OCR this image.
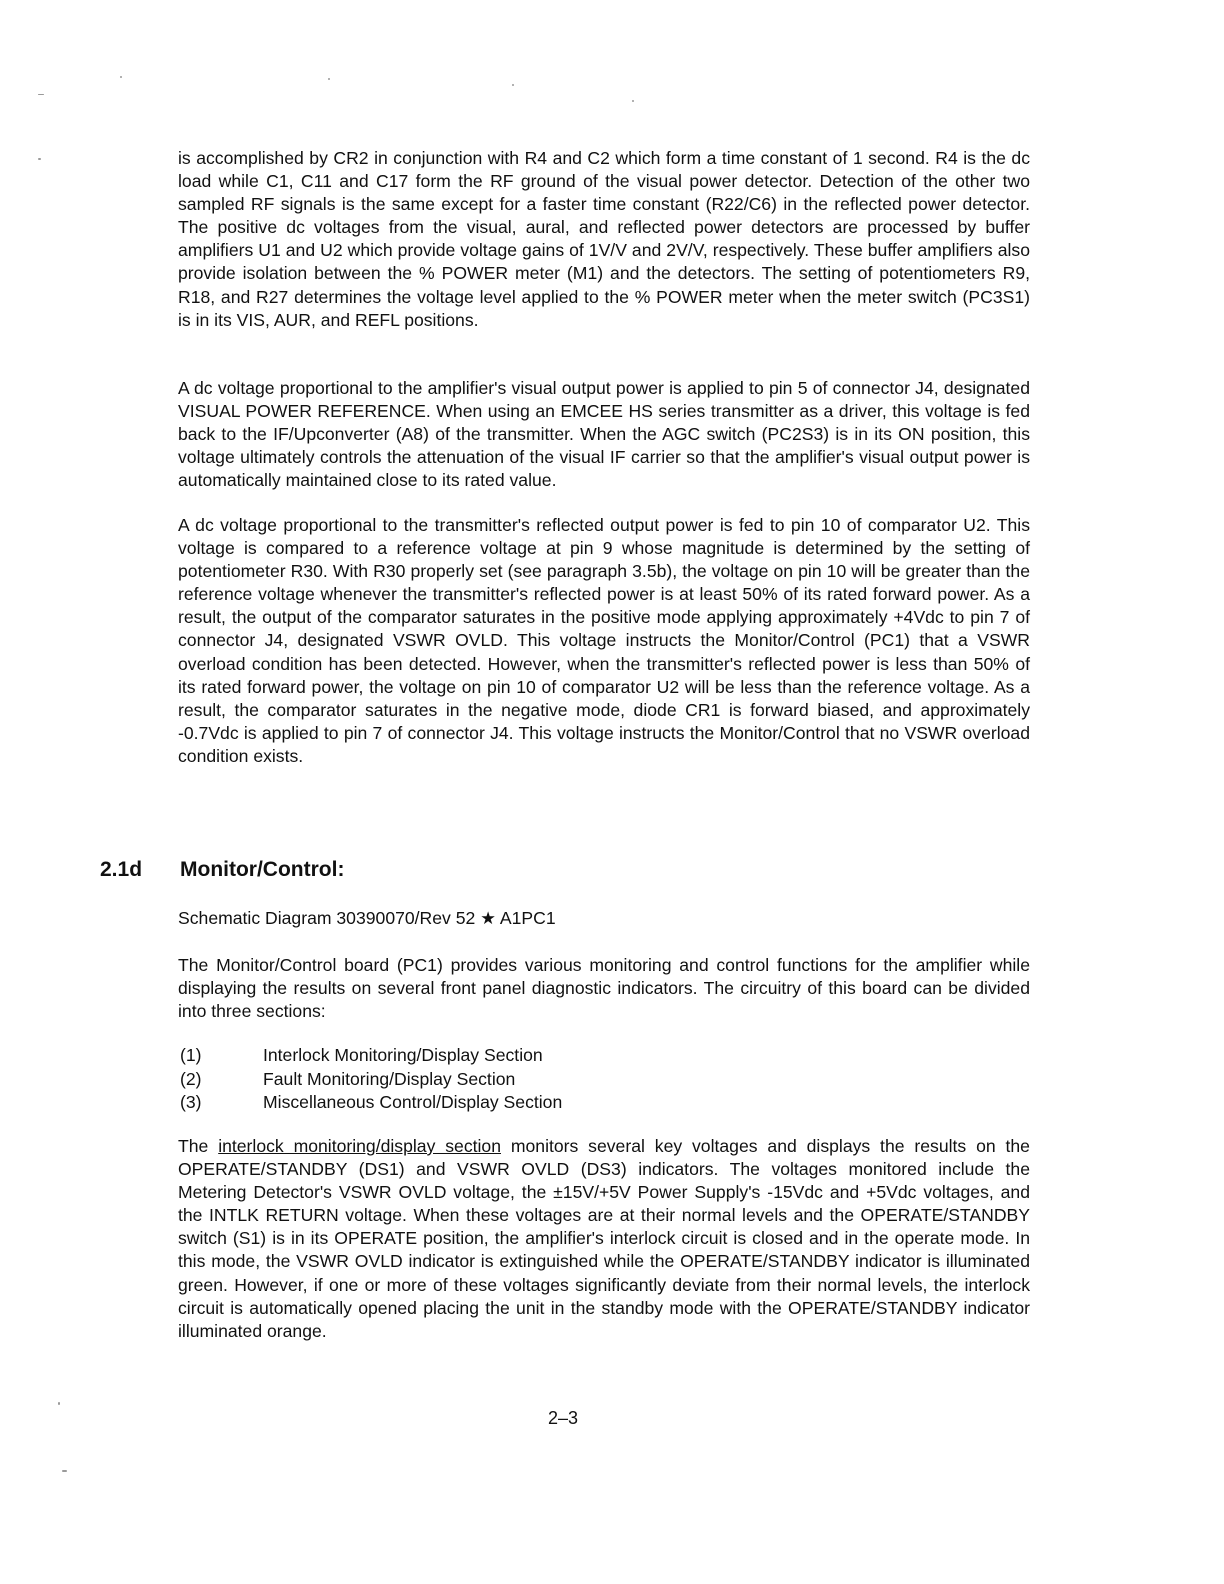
is accomplished by CR2 in conjunction with R4 and C2 which form a time constant of 1 second. R4 is the dc load while C1, C11 and C17 form the RF ground of the visual power detector. Detection of the other two sampled RF signals is the same except for a faster time constant (R22/C6) in the reflected power detector. The positive dc voltages from the visual, aural, and reflected power detectors are processed by buffer amplifiers U1 and U2 which provide voltage gains of 1V/V and 2V/V, respectively. These buffer amplifiers also provide isolation between the % POWER meter (M1) and the detectors. The setting of potentiometers R9, R18, and R27 determines the voltage level applied to the % POWER meter when the meter switch (PC3S1) is in its VIS, AUR, and REFL positions.

A dc voltage proportional to the amplifier's visual output power is applied to pin 5 of connector J4, designated VISUAL POWER REFERENCE. When using an EMCEE HS series transmitter as a driver, this voltage is fed back to the IF/Upconverter (A8) of the transmitter. When the AGC switch (PC2S3) is in its ON position, this voltage ultimately controls the attenuation of the visual IF carrier so that the amplifier's visual output power is automatically maintained close to its rated value.

A dc voltage proportional to the transmitter's reflected output power is fed to pin 10 of comparator U2. This voltage is compared to a reference voltage at pin 9 whose magnitude is determined by the setting of potentiometer R30. With R30 properly set (see paragraph 3.5b), the voltage on pin 10 will be greater than the reference voltage whenever the transmitter's reflected power is at least 50% of its rated forward power. As a result, the output of the comparator saturates in the positive mode applying approximately +4Vdc to pin 7 of connector J4, designated VSWR OVLD. This voltage instructs the Monitor/Control (PC1) that a VSWR overload condition has been detected. However, when the transmitter's reflected power is less than 50% of its rated forward power, the voltage on pin 10 of comparator U2 will be less than the reference voltage. As a result, the comparator saturates in the negative mode, diode CR1 is forward biased, and approximately -0.7Vdc is applied to pin 7 of connector J4. This voltage instructs the Monitor/Control that no VSWR overload condition exists.

2.1d Monitor/Control:
Schematic Diagram 30390070/Rev 52 ★ A1PC1

The Monitor/Control board (PC1) provides various monitoring and control functions for the amplifier while displaying the results on several front panel diagnostic indicators. The circuitry of this board can be divided into three sections:

(1)	Interlock Monitoring/Display Section
(2)	Fault Monitoring/Display Section
(3)	Miscellaneous Control/Display Section

The interlock monitoring/display section monitors several key voltages and displays the results on the OPERATE/STANDBY (DS1) and VSWR OVLD (DS3) indicators. The voltages monitored include the Metering Detector's VSWR OVLD voltage, the ±15V/+5V Power Supply's -15Vdc and +5Vdc voltages, and the INTLK RETURN voltage. When these voltages are at their normal levels and the OPERATE/STANDBY switch (S1) is in its OPERATE position, the amplifier's interlock circuit is closed and in the operate mode. In this mode, the VSWR OVLD indicator is extinguished while the OPERATE/STANDBY indicator is illuminated green. However, if one or more of these voltages significantly deviate from their normal levels, the interlock circuit is automatically opened placing the unit in the standby mode with the OPERATE/STANDBY indicator illuminated orange.

2–3
